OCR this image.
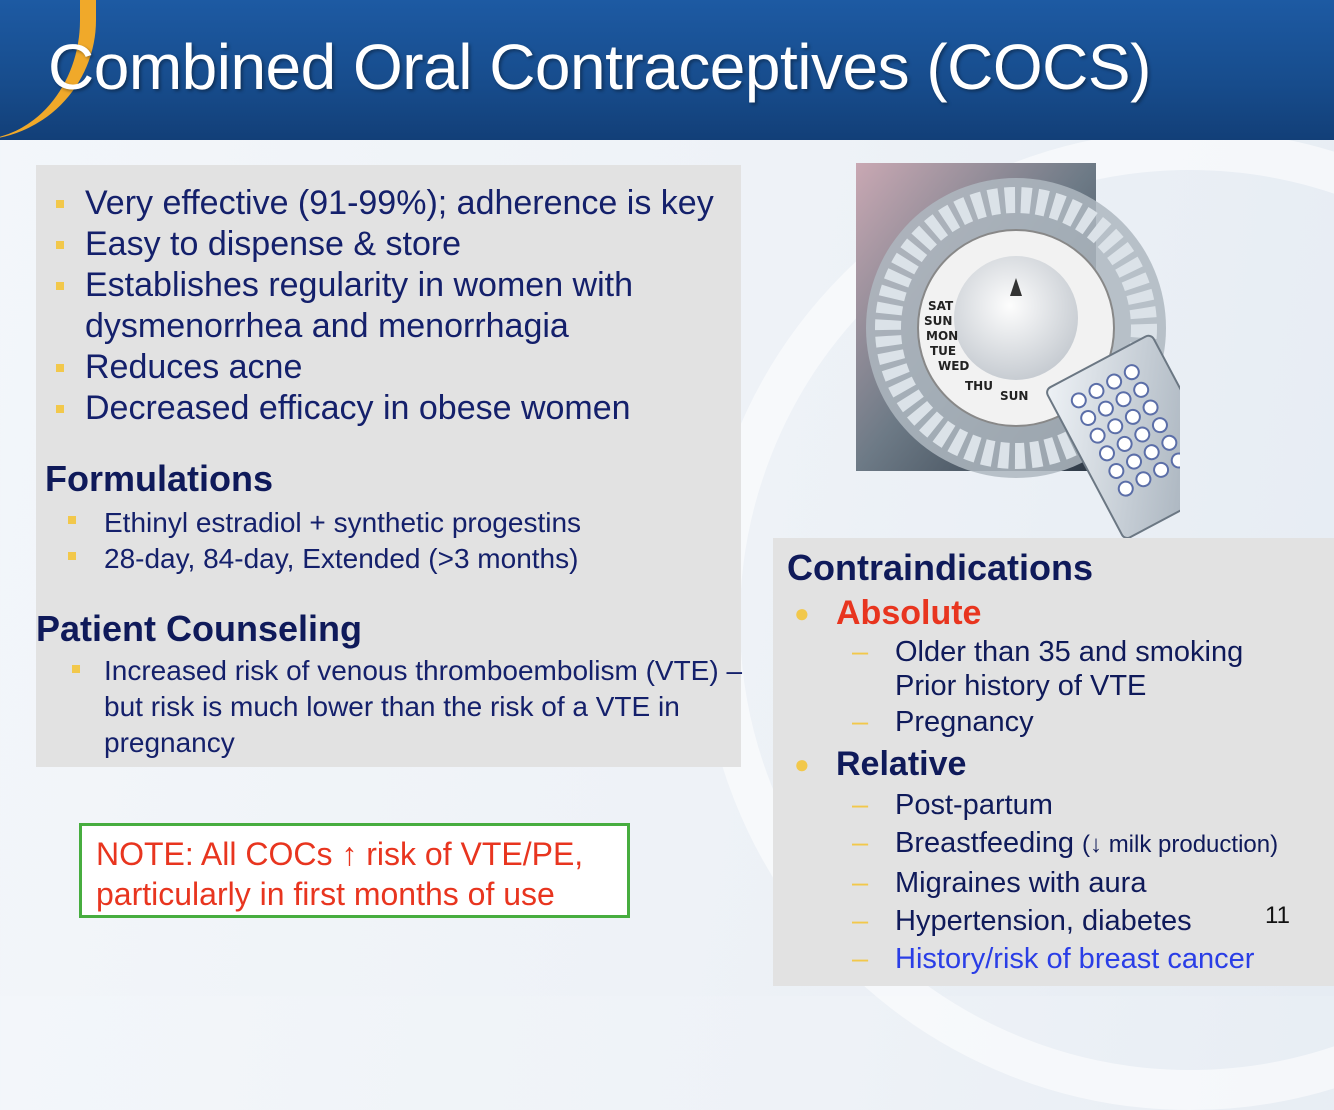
Combined Oral Contraceptives (COCS)
Very effective (91-99%); adherence is key
Easy to dispense & store
Establishes regularity in women with dysmenorrhea and menorrhagia
Reduces acne
Decreased efficacy in obese women
Formulations
Ethinyl estradiol + synthetic progestins
28-day, 84-day, Extended (>3 months)
Patient Counseling
Increased risk of venous thromboembolism (VTE) – but risk is much lower than the risk of a VTE in pregnancy
NOTE: All COCs ↑ risk of VTE/PE,
particularly in first months of use
SAT
SUN
MON
TUE
WED
THU
SUN
Contraindications
● Absolute
– Older than 35 and smoking
Prior history of VTE
– Pregnancy
● Relative
– Post-partum
– Breastfeeding (↓ milk production)
– Migraines with aura
– Hypertension, diabetes
– History/risk of breast cancer
11
